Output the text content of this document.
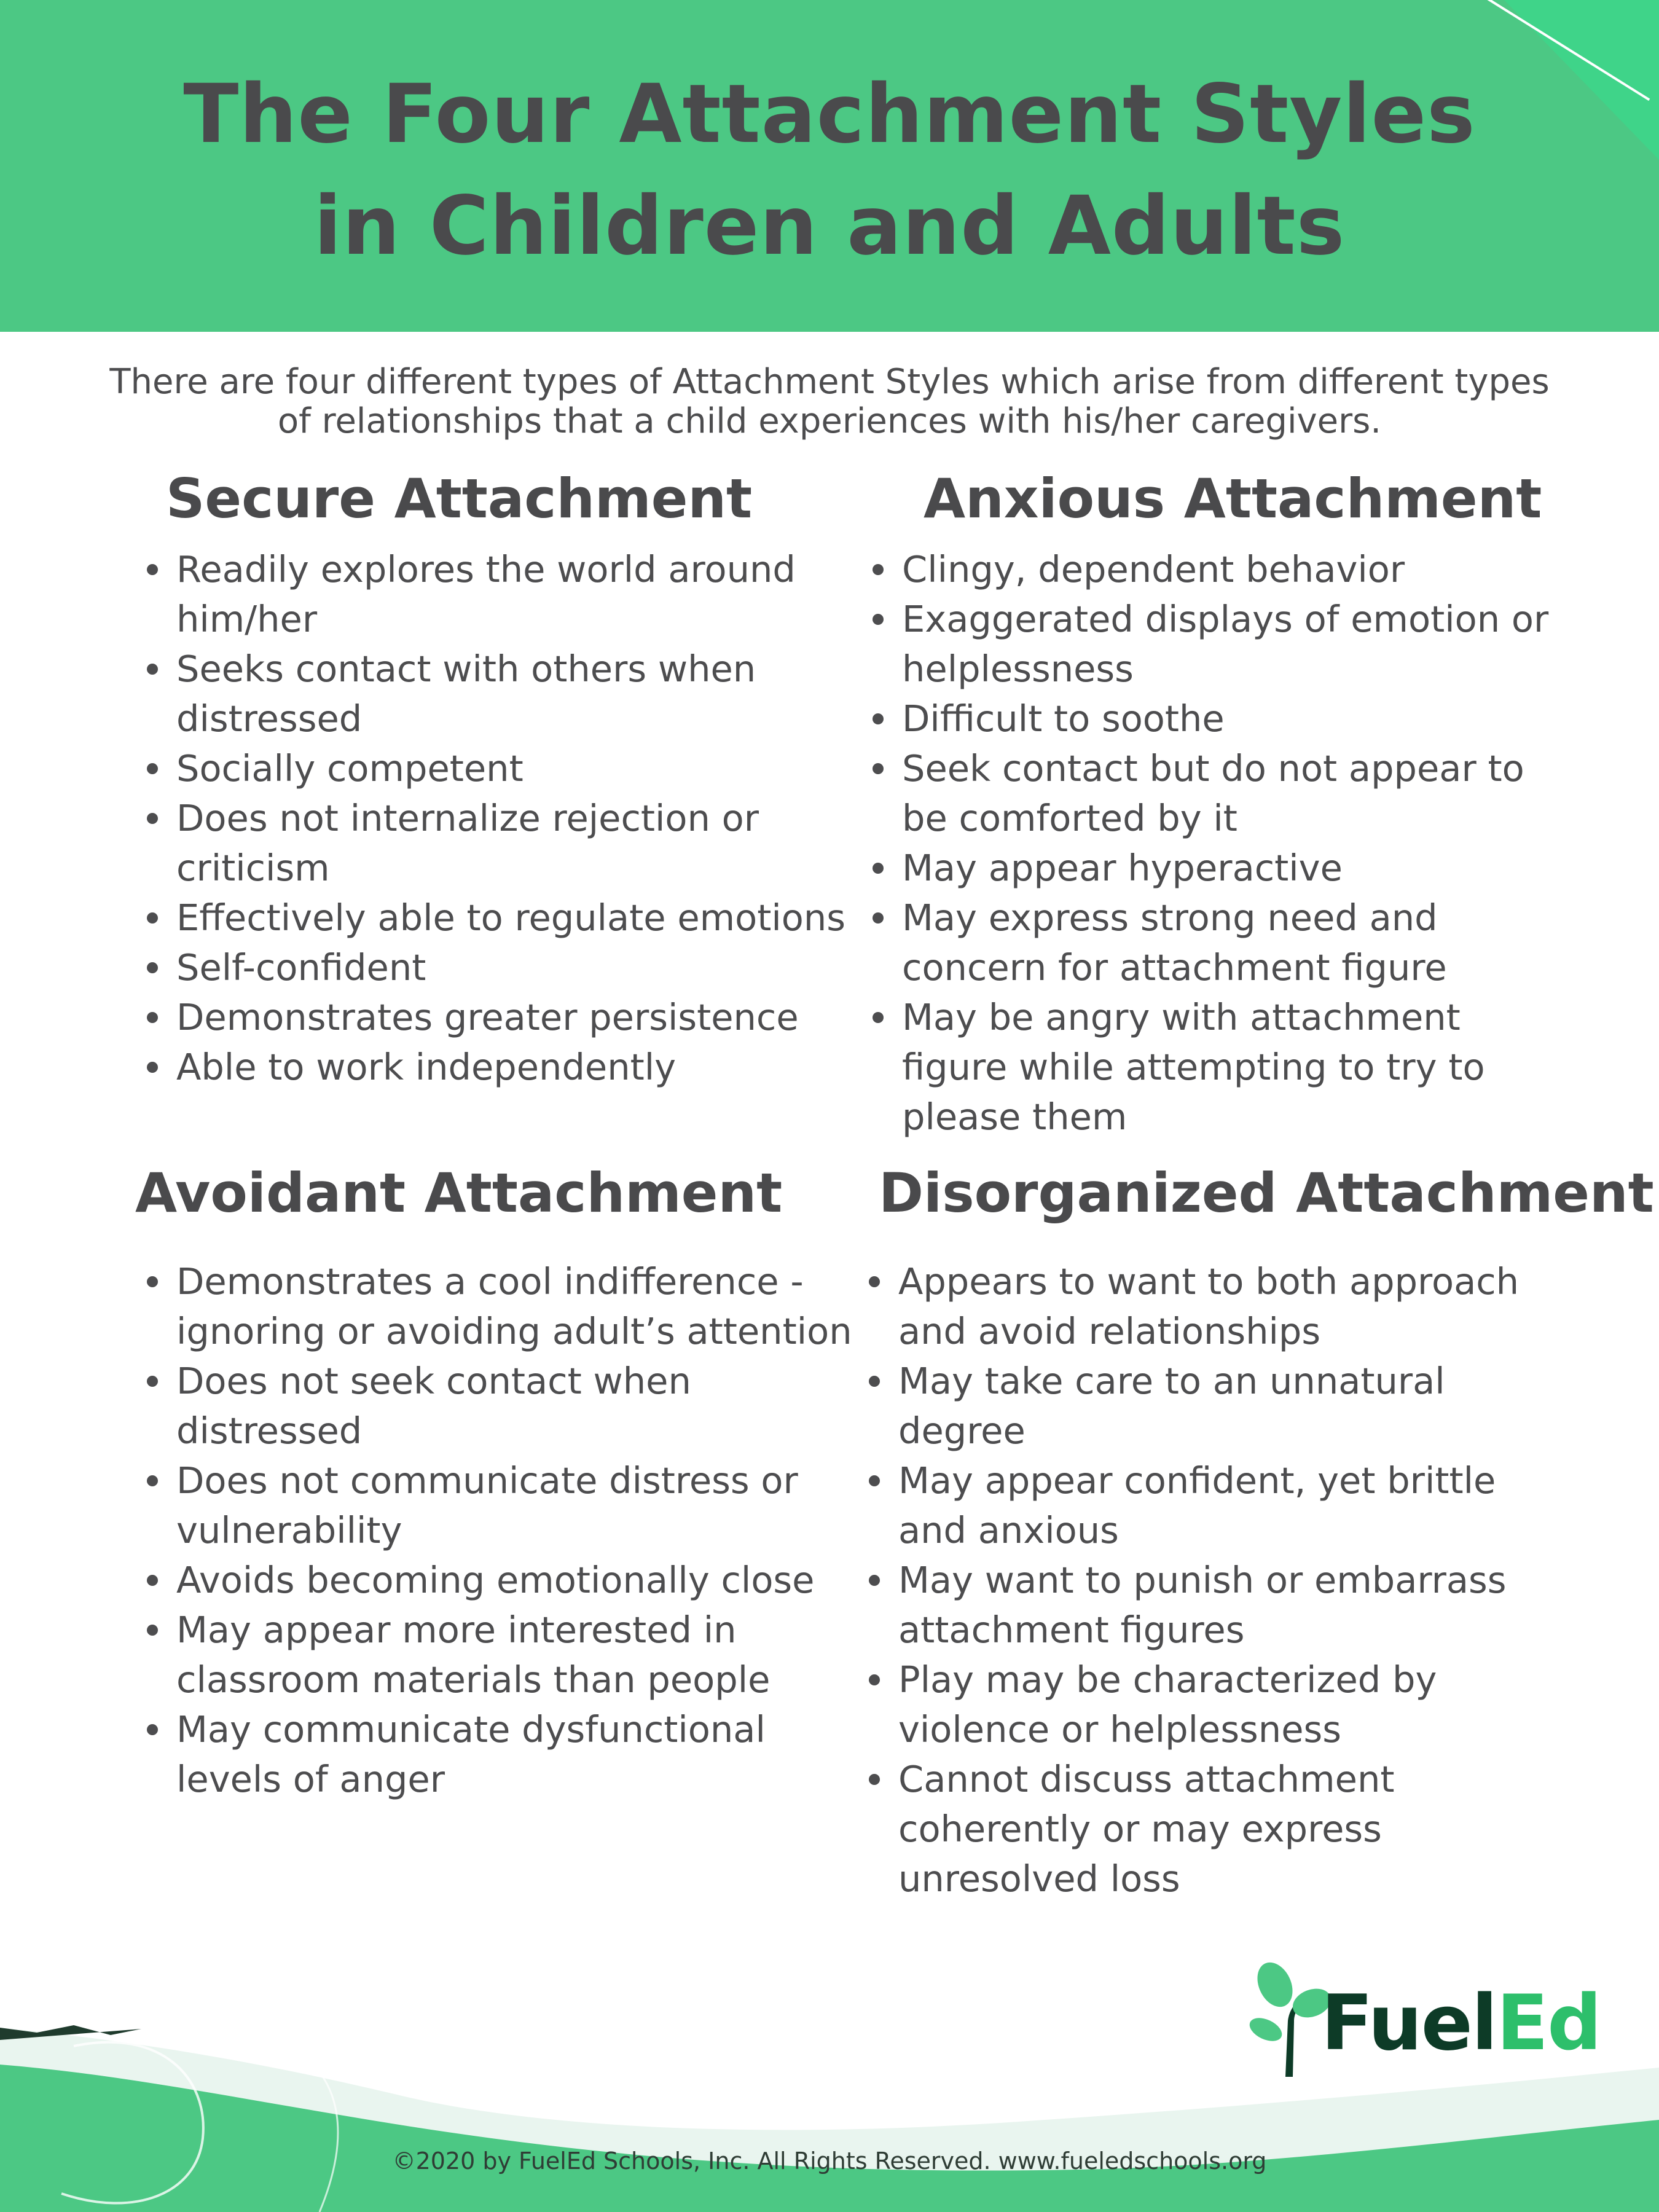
The Four Attachment Styles
in Children and Adults

There are four different types of Attachment Styles which arise from different types
of relationships that a child experiences with his/her caregivers.

Secure Attachment
Readily explores the world around him/her
Seeks contact with others when distressed
Socially competent
Does not internalize rejection or criticism
Effectively able to regulate emotions
Self-confident
Demonstrates greater persistence
Able to work independently
Anxious Attachment
Clingy, dependent behavior
Exaggerated displays of emotion or helplessness
Difficult to soothe
Seek contact but do not appear to be comforted by it
May appear hyperactive
May express strong need and concern for attachment figure
May be angry with attachment figure while attempting to try to please them
Avoidant Attachment
Demonstrates a cool indifference - ignoring or avoiding adult’s attention
Does not seek contact when distressed
Does not communicate distress or vulnerability
Avoids becoming emotionally close
May appear more interested in classroom materials than people
May communicate dysfunctional levels of anger
Disorganized Attachment
Appears to want to both approach and avoid relationships
May take care to an unnatural degree
May appear confident, yet brittle and anxious
May want to punish or embarrass attachment figures
Play may be characterized by violence or helplessness
Cannot discuss attachment coherently or may express unresolved loss
FuelEd
©2020 by FuelEd Schools, Inc. All Rights Reserved. www.fueledschools.org
